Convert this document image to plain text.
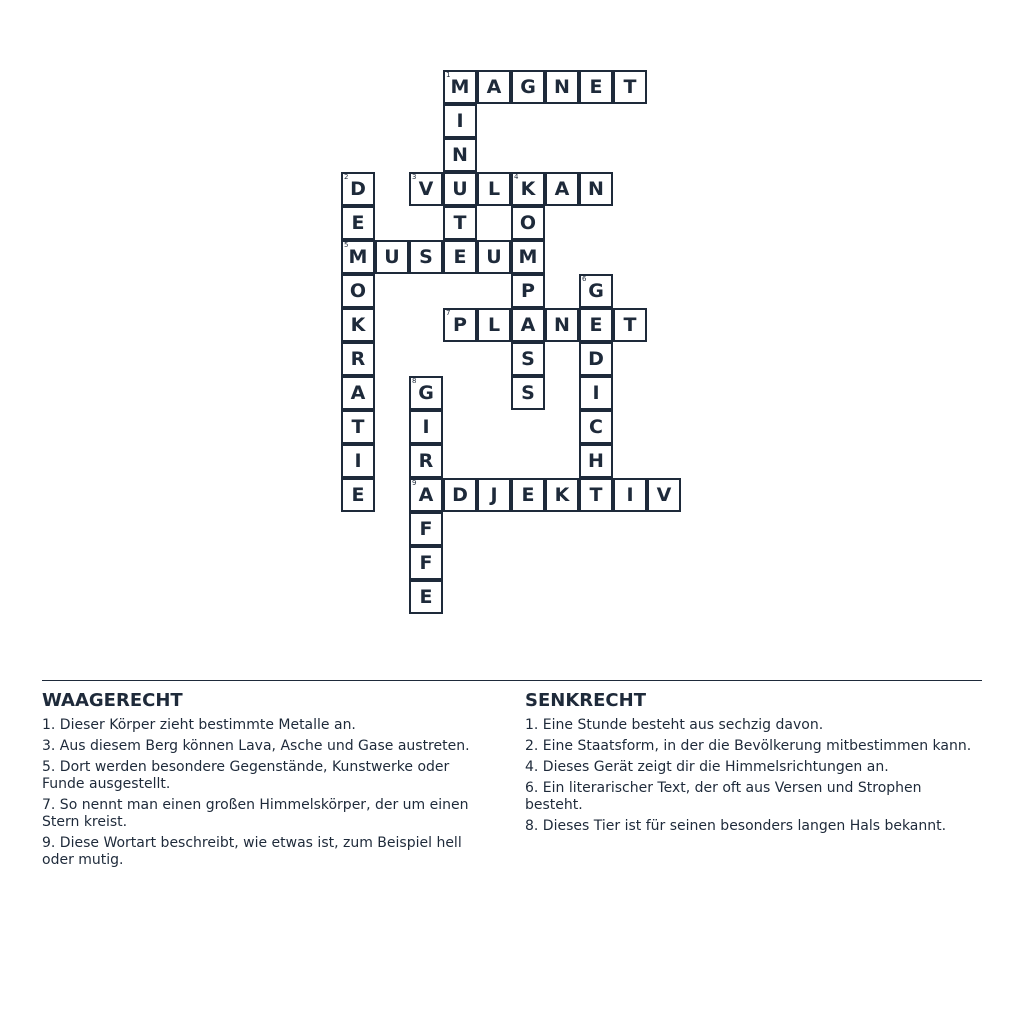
1
M A G N	E	T
I
N
2
D
3
V U	L
4
K	A N
E	T	O
5
M U	S	E	U M
O	P
6
G
K
7
P	L	A N	E	T
R	S	D
A
8
G	S	I
T	I	C
I	R	H
E
9
A D	J	E	K	T	I	V
F
F
E
WAAGERECHT
1. Dieser Körper zieht bestimmte Metalle an.
3. Aus diesem Berg können Lava, Asche und Gase austreten.
5. Dort werden besondere Gegenstände, Kunstwerke oder Funde ausgestellt.
7. So nennt man einen großen Himmelskörper, der um einen Stern kreist.
9. Diese Wortart beschreibt, wie etwas ist, zum Beispiel hell oder mutig.
SENKRECHT
1. Eine Stunde besteht aus sechzig davon.
2. Eine Staatsform, in der die Bevölkerung mitbestimmen kann.
4. Dieses Gerät zeigt dir die Himmelsrichtungen an.
6. Ein literarischer Text, der oft aus Versen und Strophen besteht.
8. Dieses Tier ist für seinen besonders langen Hals bekannt.
